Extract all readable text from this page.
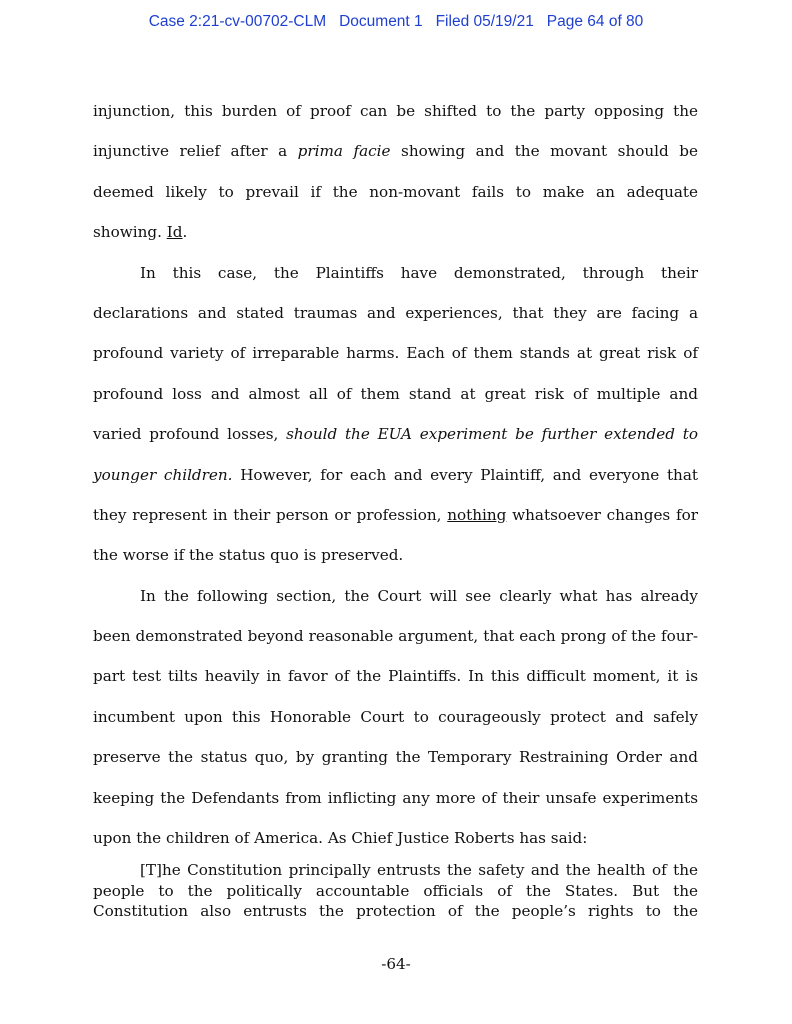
Case 2:21-cv-00702-CLM Document 1 Filed 05/19/21 Page 64 of 80
injunction, this burden of proof can be shifted to the party opposing the
injunctive relief after a prima facie showing and the movant should be
deemed likely to prevail if the non-movant fails to make an adequate
showing. Id.
In this case, the Plaintiffs have demonstrated, through their
declarations and stated traumas and experiences, that they are facing a
profound variety of irreparable harms. Each of them stands at great risk of
profound loss and almost all of them stand at great risk of multiple and
varied profound losses, should the EUA experiment be further extended to
younger children. However, for each and every Plaintiff, and everyone that
they represent in their person or profession, nothing whatsoever changes for
the worse if the status quo is preserved.
In the following section, the Court will see clearly what has already
been demonstrated beyond reasonable argument, that each prong of the four-
part test tilts heavily in favor of the Plaintiffs. In this difficult moment, it is
incumbent upon this Honorable Court to courageously protect and safely
preserve the status quo, by granting the Temporary Restraining Order and
keeping the Defendants from inflicting any more of their unsafe experiments
upon the children of America. As Chief Justice Roberts has said:
[T]he Constitution principally entrusts the safety and the health of the
people to the politically accountable officials of the States. But the
Constitution also entrusts the protection of the people’s rights to the
-64-
